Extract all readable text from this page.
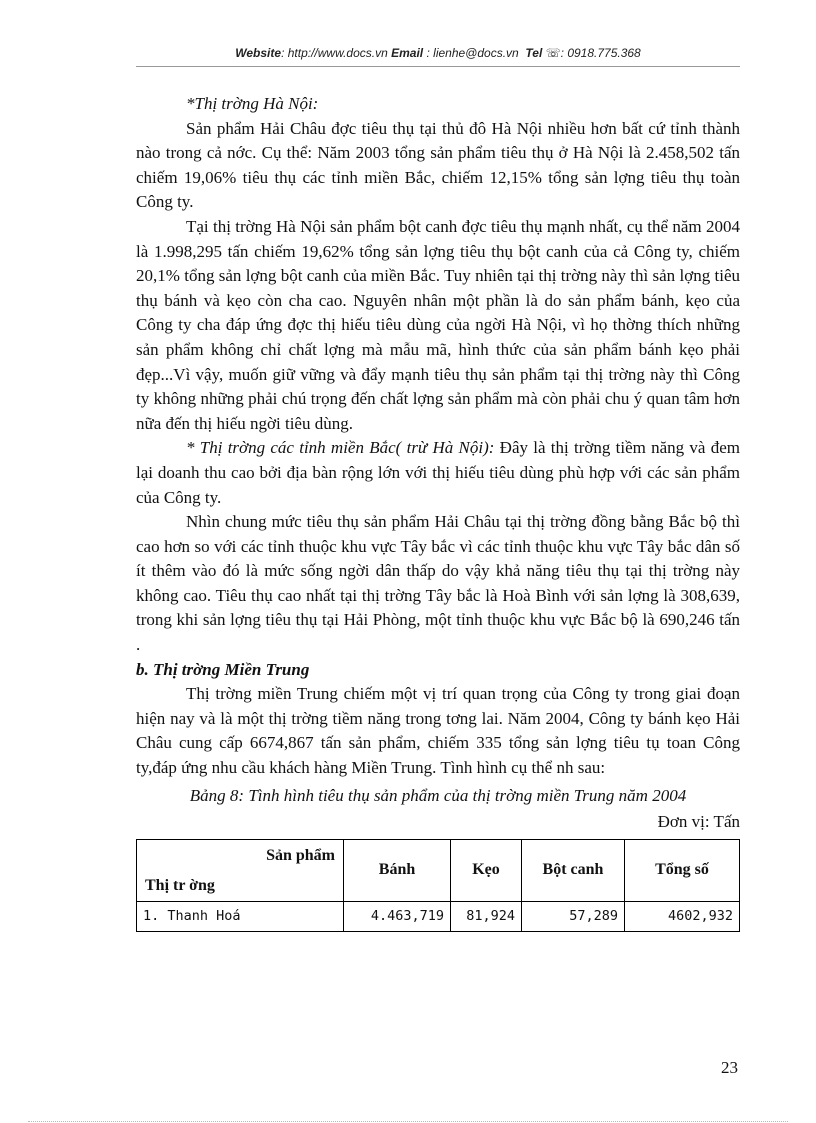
Website: http://www.docs.vn Email : lienhe@docs.vn Tel ☏: 0918.775.368

*Thị trờng Hà Nội:

Sản phẩm Hải Châu đợc tiêu thụ tại thủ đô Hà Nội nhiều hơn bất cứ tỉnh thành nào trong cả nớc. Cụ thể: Năm 2003 tổng sản phẩm tiêu thụ ở Hà Nội là 2.458,502 tấn chiếm 19,06% tiêu thụ các tỉnh miền Bắc, chiếm 12,15% tổng sản lợng tiêu thụ toàn Công ty.

Tại thị trờng Hà Nội sản phẩm bột canh đợc tiêu thụ mạnh nhất, cụ thể năm 2004 là 1.998,295 tấn chiếm 19,62% tổng sản lợng tiêu thụ bột canh của cả Công ty, chiếm 20,1% tổng sản lợng bột canh của miền Bắc. Tuy nhiên tại thị trờng này thì sản lợng tiêu thụ bánh và kẹo còn cha cao. Nguyên nhân một phần là do sản phẩm bánh, kẹo của Công ty cha đáp ứng đợc thị hiếu tiêu dùng của ngời Hà Nội, vì họ thờng thích những sản phẩm không chỉ chất lợng mà mẫu mã, hình thức của sản phẩm bánh kẹo phải đẹp...Vì vậy, muốn giữ vững và đẩy mạnh tiêu thụ sản phẩm tại thị trờng này thì Công ty không những phải chú trọng đến chất lợng sản phẩm mà còn phải chu ý quan tâm hơn nữa đến thị hiếu ngời tiêu dùng.

* Thị trờng các tỉnh miền Bắc( trừ Hà Nội): Đây là thị trờng tiềm năng và đem lại doanh thu cao bởi địa bàn rộng lớn với thị hiếu tiêu dùng phù hợp với các sản phẩm của Công ty.

Nhìn chung mức tiêu thụ sản phẩm Hải Châu tại thị trờng đồng bằng Bắc bộ thì cao hơn so với các tỉnh thuộc khu vực Tây bắc vì các tỉnh thuộc khu vực Tây bắc dân số ít thêm vào đó là mức sống ngời dân thấp do vậy khả năng tiêu thụ tại thị trờng này không cao. Tiêu thụ cao nhất tại thị trờng Tây bắc là Hoà Bình với sản lợng là 308,639, trong khi sản lợng tiêu thụ tại Hải Phòng, một tỉnh thuộc khu vực Bắc bộ là 690,246 tấn .

b. Thị trờng Miền Trung

Thị trờng miền Trung chiếm một vị trí quan trọng của Công ty trong giai đoạn hiện nay và là một thị trờng tiềm năng trong tơng lai. Năm 2004, Công ty bánh kẹo Hải Châu cung cấp 6674,867 tấn sản phẩm, chiếm 335 tổng sản lợng tiêu tụ toan Công ty,đáp ứng nhu cầu khách hàng Miền Trung. Tình hình cụ thể nh sau:

Bảng 8: Tình hình tiêu thụ sản phẩm của thị trờng miền Trung năm 2004

Đơn vị: Tấn

Sản phẩm
Thị tr ờng	Bánh	Kẹo	Bột canh	Tổng số
1. Thanh Hoá	4.463,719	81,924	57,289	4602,932
23
